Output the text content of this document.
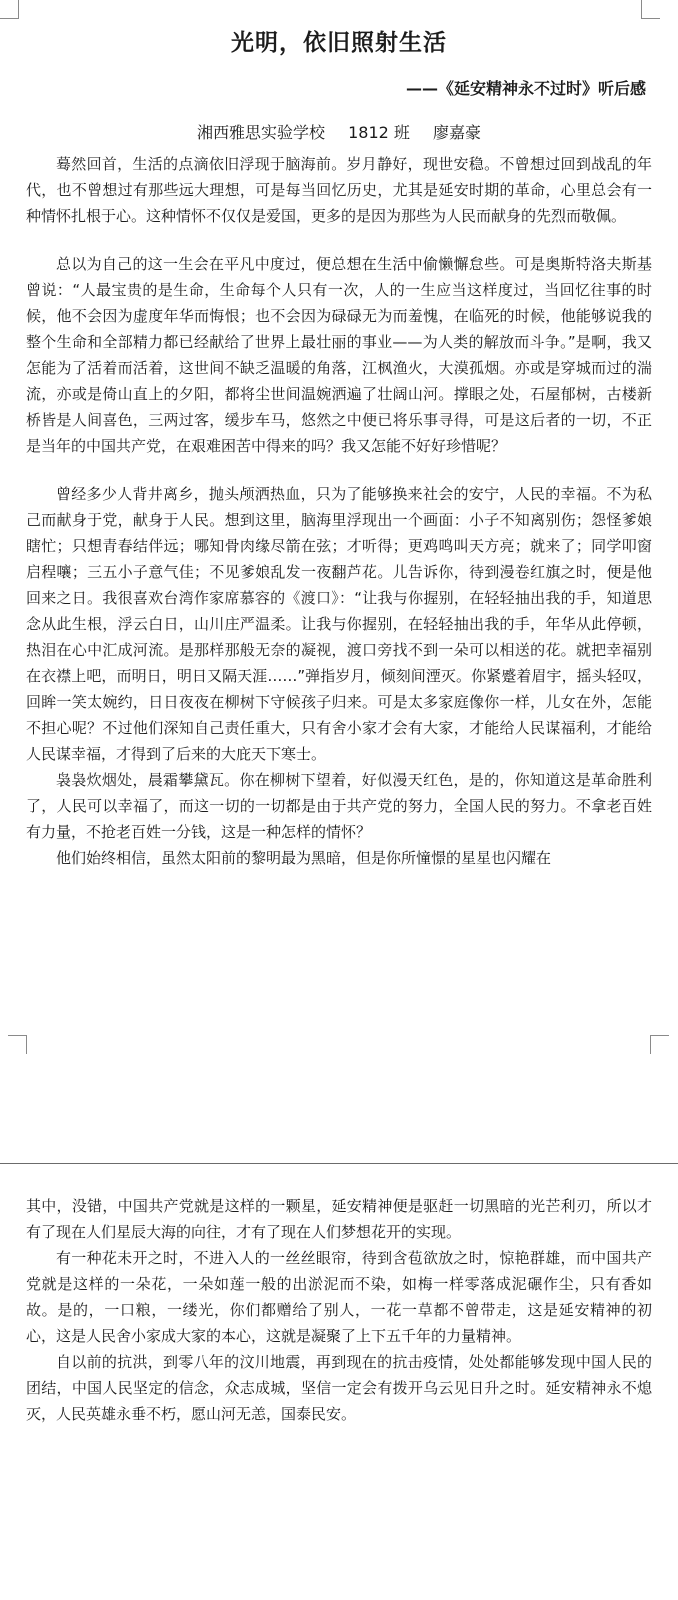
光明，依旧照射生活
——《延安精神永不过时》听后感
湘西雅思实验学校 1812 班 廖嘉豪

蓦然回首，生活的点滴依旧浮现于脑海前。岁月静好，现世安稳。不曾想过回到战乱的年代，也不曾想过有那些远大理想，可是每当回忆历史，尤其是延安时期的革命，心里总会有一种情怀扎根于心。这种情怀不仅仅是爱国，更多的是因为那些为人民而献身的先烈而敬佩。

总以为自己的这一生会在平凡中度过，便总想在生活中偷懒懈怠些。可是奥斯特洛夫斯基曾说：“人最宝贵的是生命，生命每个人只有一次，人的一生应当这样度过，当回忆往事的时候，他不会因为虚度年华而悔恨；也不会因为碌碌无为而羞愧，在临死的时候，他能够说我的整个生命和全部精力都已经献给了世界上最壮丽的事业——为人类的解放而斗争。”是啊，我又怎能为了活着而活着，这世间不缺乏温暖的角落，江枫渔火，大漠孤烟。亦或是穿城而过的湍流，亦或是倚山直上的夕阳，都将尘世间温婉洒遍了壮阔山河。撑眼之处，石屋郁树，古楼新桥皆是人间喜色，三两过客，缓步车马，悠然之中便已将乐事寻得，可是这后者的一切，不正是当年的中国共产党，在艰难困苦中得来的吗？我又怎能不好好珍惜呢？

曾经多少人背井离乡，抛头颅洒热血，只为了能够换来社会的安宁，人民的幸福。不为私己而献身于党，献身于人民。想到这里，脑海里浮现出一个画面：小子不知离别伤；怨怪爹娘瞎忙；只想青春结伴远；哪知骨肉缘尽箭在弦；才听得；更鸡鸣叫天方亮；就来了；同学叩窗启程嚷；三五小子意气佳；不见爹娘乱发一夜翻芦花。儿告诉你，待到漫卷红旗之时，便是他回来之日。我很喜欢台湾作家席慕容的《渡口》：“让我与你握别，在轻轻抽出我的手，知道思念从此生根，浮云白日，山川庄严温柔。让我与你握别，在轻轻抽出我的手，年华从此停顿，热泪在心中汇成河流。是那样那般无奈的凝视，渡口旁找不到一朵可以相送的花。就把幸福别在衣襟上吧，而明日，明日又隔天涯……”弹指岁月，倾刻间湮灭。你紧蹙着眉宇，摇头轻叹，回眸一笑太婉约，日日夜夜在柳树下守候孩子归来。可是太多家庭像你一样，儿女在外，怎能不担心呢？不过他们深知自己责任重大，只有舍小家才会有大家，才能给人民谋福利，才能给人民谋幸福，才得到了后来的大庇天下寒士。

袅袅炊烟处，晨霜攀黛瓦。你在柳树下望着，好似漫天红色，是的，你知道这是革命胜利了，人民可以幸福了，而这一切的一切都是由于共产党的努力，全国人民的努力。不拿老百姓有力量，不抢老百姓一分钱，这是一种怎样的情怀？

他们始终相信，虽然太阳前的黎明最为黑暗，但是你所憧憬的星星也闪耀在

其中，没错，中国共产党就是这样的一颗星，延安精神便是驱赶一切黑暗的光芒利刃，所以才有了现在人们星辰大海的向往，才有了现在人们梦想花开的实现。

有一种花未开之时，不进入人的一丝丝眼帘，待到含苞欲放之时，惊艳群雄，而中国共产党就是这样的一朵花，一朵如莲一般的出淤泥而不染，如梅一样零落成泥碾作尘，只有香如故。是的，一口粮，一缕光，你们都赠给了别人，一花一草都不曾带走，这是延安精神的初心，这是人民舍小家成大家的本心，这就是凝聚了上下五千年的力量精神。

自以前的抗洪，到零八年的汶川地震，再到现在的抗击疫情，处处都能够发现中国人民的团结，中国人民坚定的信念，众志成城，坚信一定会有拨开乌云见日升之时。延安精神永不熄灭，人民英雄永垂不朽，愿山河无恙，国泰民安。
